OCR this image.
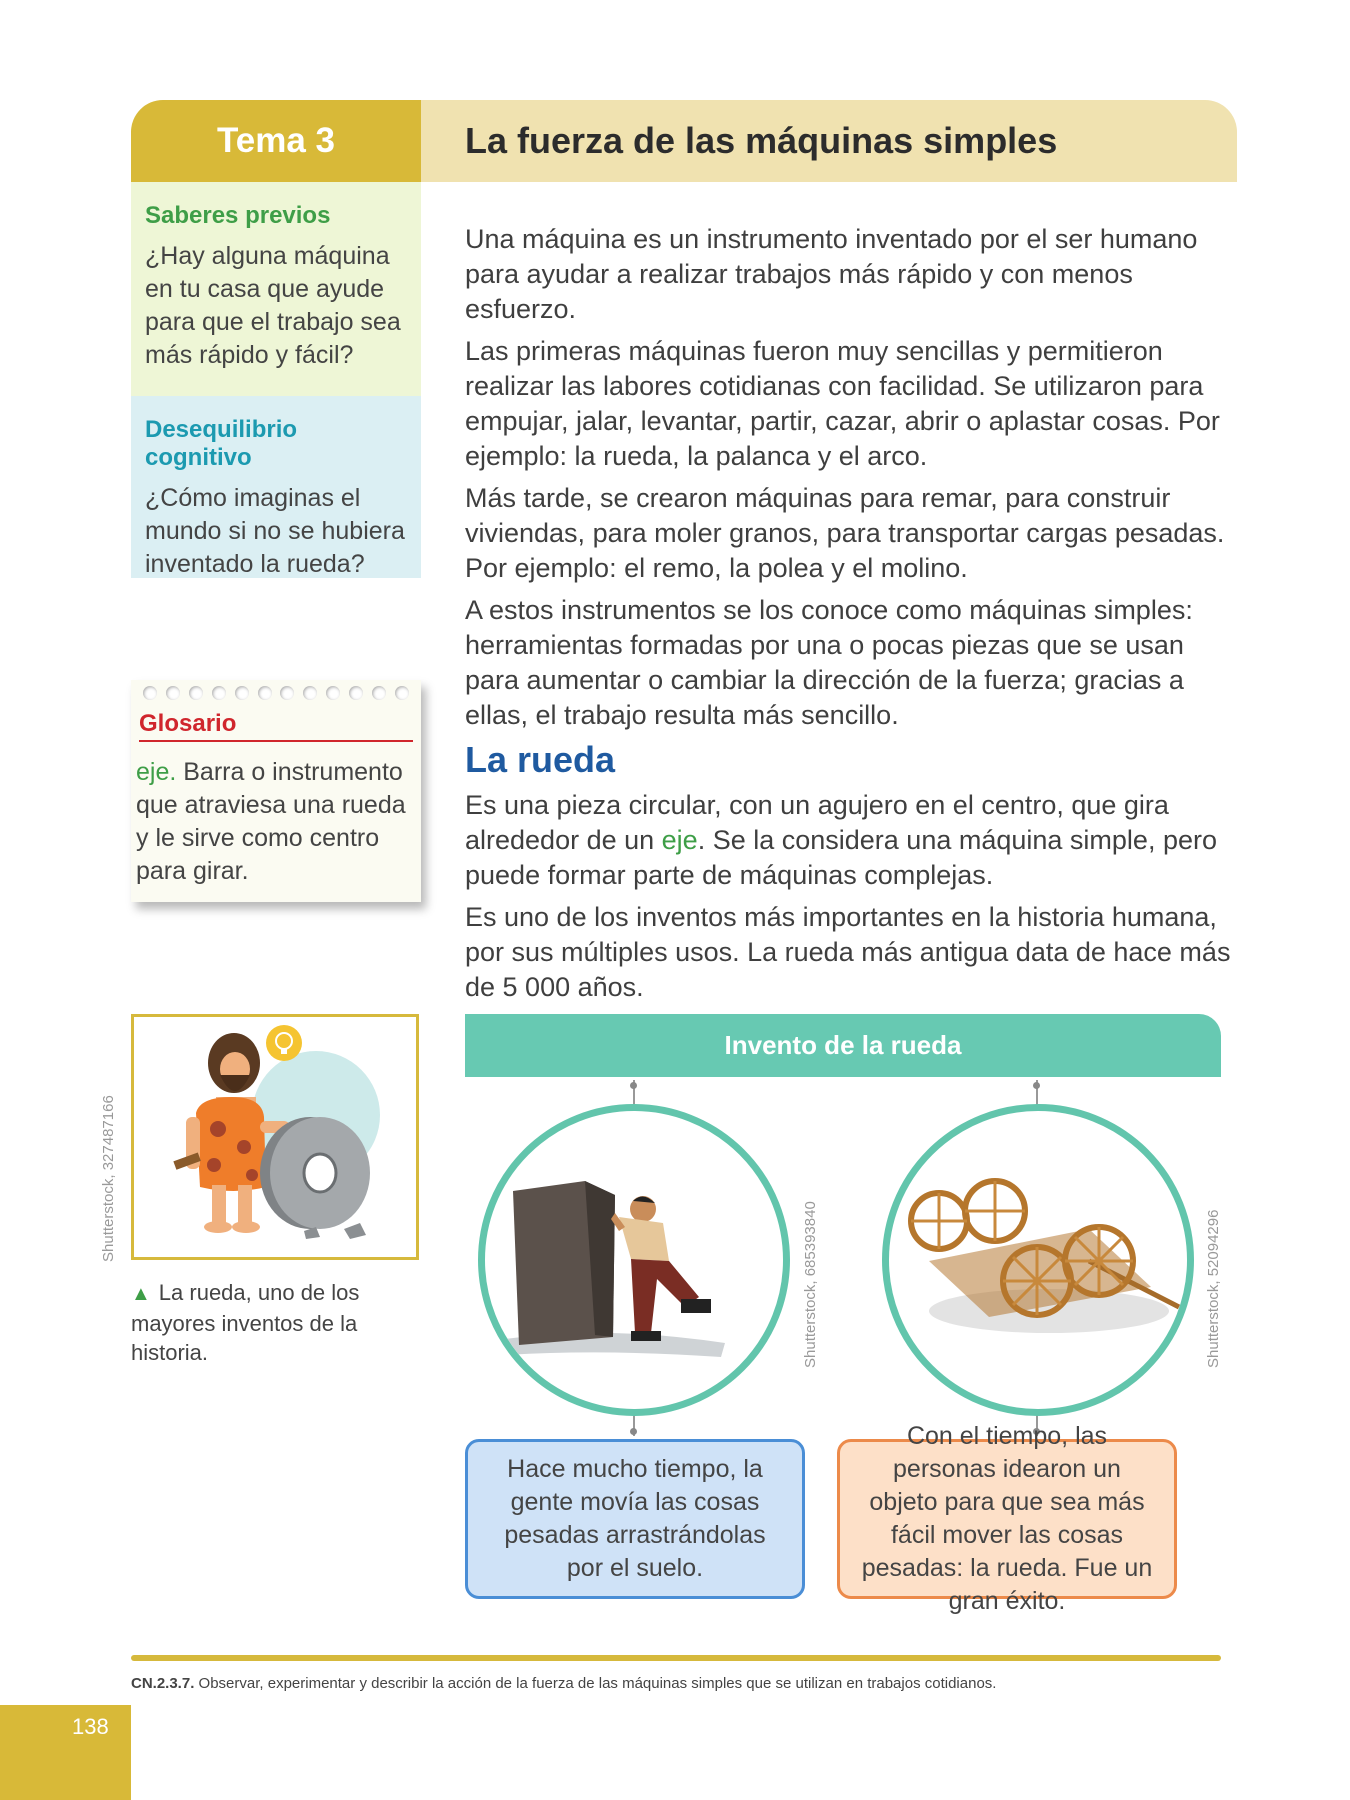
Tema 3	La fuerza de las máquinas simples
Saberes previos
¿Hay alguna máquina en tu casa que ayude para que el trabajo sea más rápido y fácil?
Desequilibrio cognitivo
¿Cómo imaginas el mundo si no se hubiera inventado la rueda?
Glosario
eje. Barra o instrumento que atraviesa una rueda y le sirve como centro para girar.

Una máquina es un instrumento inventado por el ser humano para ayudar a realizar trabajos más rápido y con menos esfuerzo.

Las primeras máquinas fueron muy sencillas y permitieron realizar las labores cotidianas con facilidad. Se utilizaron para empujar, jalar, levantar, partir, cazar, abrir o aplastar cosas. Por ejemplo: la rueda, la palanca y el arco.

Más tarde, se crearon máquinas para remar, para construir viviendas, para moler granos, para transportar cargas pesadas. Por ejemplo: el remo, la polea y el molino.

A estos instrumentos se los conoce como máquinas simples: herramientas formadas por una o pocas piezas que se usan para aumentar o cambiar la dirección de la fuerza; gracias a ellas, el trabajo resulta más sencillo.

La rueda

Es una pieza circular, con un agujero en el centro, que gira alrededor de un eje. Se la considera una máquina simple, pero puede formar parte de máquinas complejas.

Es uno de los inventos más importantes en la historia humana, por sus múltiples usos. La rueda más antigua data de hace más de 5 000 años.

Shutterstock, 327487166
▲ La rueda, uno de los mayores inventos de la historia.
Invento de la rueda
Shutterstock, 685393840	Shutterstock, 52094296
Hace mucho tiempo, la gente movía las cosas pesadas arrastrándolas por el suelo.
Con el tiempo, las personas idearon un objeto para que sea más fácil mover las cosas pesadas: la rueda. Fue un gran éxito.
CN.2.3.7. Observar, experimentar y describir la acción de la fuerza de las máquinas simples que se utilizan en trabajos cotidianos.
138
